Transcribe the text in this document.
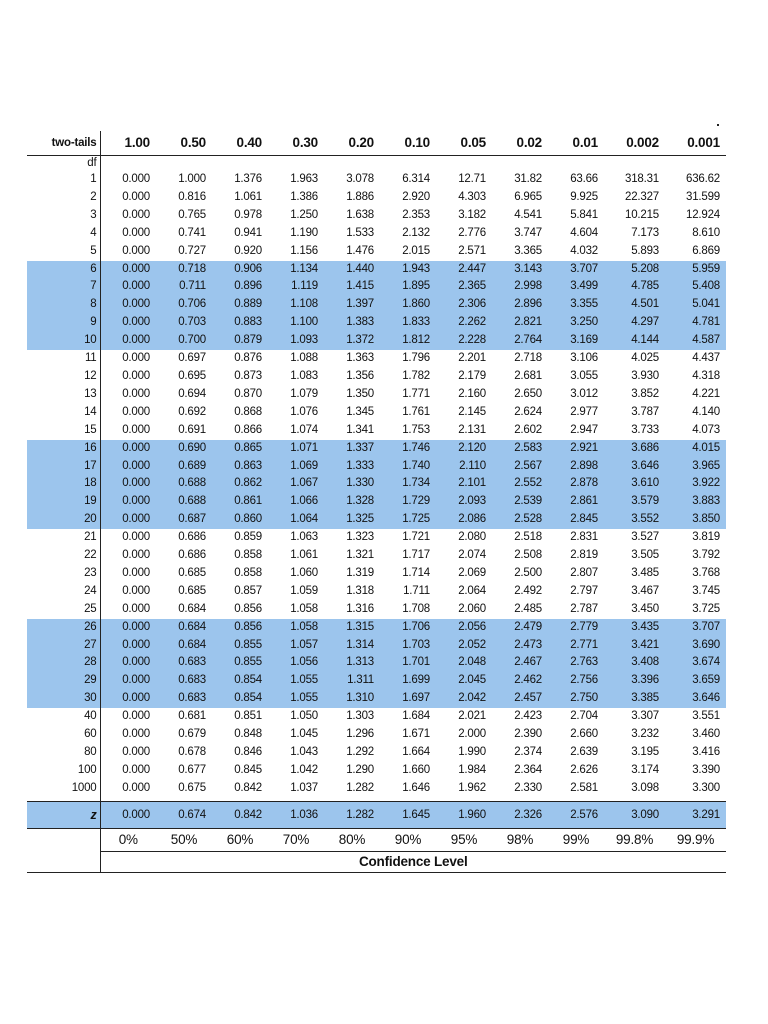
two-tails	1.00	0.50	0.40	0.30	0.20	0.10	0.05	0.02	0.01	0.002	0.001
df											
1	0.000	1.000	1.376	1.963	3.078	6.314	12.71	31.82	63.66	318.31	636.62
2	0.000	0.816	1.061	1.386	1.886	2.920	4.303	6.965	9.925	22.327	31.599
3	0.000	0.765	0.978	1.250	1.638	2.353	3.182	4.541	5.841	10.215	12.924
4	0.000	0.741	0.941	1.190	1.533	2.132	2.776	3.747	4.604	7.173	8.610
5	0.000	0.727	0.920	1.156	1.476	2.015	2.571	3.365	4.032	5.893	6.869
6	0.000	0.718	0.906	1.134	1.440	1.943	2.447	3.143	3.707	5.208	5.959
7	0.000	0.711	0.896	1.119	1.415	1.895	2.365	2.998	3.499	4.785	5.408
8	0.000	0.706	0.889	1.108	1.397	1.860	2.306	2.896	3.355	4.501	5.041
9	0.000	0.703	0.883	1.100	1.383	1.833	2.262	2.821	3.250	4.297	4.781
10	0.000	0.700	0.879	1.093	1.372	1.812	2.228	2.764	3.169	4.144	4.587
11	0.000	0.697	0.876	1.088	1.363	1.796	2.201	2.718	3.106	4.025	4.437
12	0.000	0.695	0.873	1.083	1.356	1.782	2.179	2.681	3.055	3.930	4.318
13	0.000	0.694	0.870	1.079	1.350	1.771	2.160	2.650	3.012	3.852	4.221
14	0.000	0.692	0.868	1.076	1.345	1.761	2.145	2.624	2.977	3.787	4.140
15	0.000	0.691	0.866	1.074	1.341	1.753	2.131	2.602	2.947	3.733	4.073
16	0.000	0.690	0.865	1.071	1.337	1.746	2.120	2.583	2.921	3.686	4.015
17	0.000	0.689	0.863	1.069	1.333	1.740	2.110	2.567	2.898	3.646	3.965
18	0.000	0.688	0.862	1.067	1.330	1.734	2.101	2.552	2.878	3.610	3.922
19	0.000	0.688	0.861	1.066	1.328	1.729	2.093	2.539	2.861	3.579	3.883
20	0.000	0.687	0.860	1.064	1.325	1.725	2.086	2.528	2.845	3.552	3.850
21	0.000	0.686	0.859	1.063	1.323	1.721	2.080	2.518	2.831	3.527	3.819
22	0.000	0.686	0.858	1.061	1.321	1.717	2.074	2.508	2.819	3.505	3.792
23	0.000	0.685	0.858	1.060	1.319	1.714	2.069	2.500	2.807	3.485	3.768
24	0.000	0.685	0.857	1.059	1.318	1.711	2.064	2.492	2.797	3.467	3.745
25	0.000	0.684	0.856	1.058	1.316	1.708	2.060	2.485	2.787	3.450	3.725
26	0.000	0.684	0.856	1.058	1.315	1.706	2.056	2.479	2.779	3.435	3.707
27	0.000	0.684	0.855	1.057	1.314	1.703	2.052	2.473	2.771	3.421	3.690
28	0.000	0.683	0.855	1.056	1.313	1.701	2.048	2.467	2.763	3.408	3.674
29	0.000	0.683	0.854	1.055	1.311	1.699	2.045	2.462	2.756	3.396	3.659
30	0.000	0.683	0.854	1.055	1.310	1.697	2.042	2.457	2.750	3.385	3.646
40	0.000	0.681	0.851	1.050	1.303	1.684	2.021	2.423	2.704	3.307	3.551
60	0.000	0.679	0.848	1.045	1.296	1.671	2.000	2.390	2.660	3.232	3.460
80	0.000	0.678	0.846	1.043	1.292	1.664	1.990	2.374	2.639	3.195	3.416
100	0.000	0.677	0.845	1.042	1.290	1.660	1.984	2.364	2.626	3.174	3.390
1000	0.000	0.675	0.842	1.037	1.282	1.646	1.962	2.330	2.581	3.098	3.300

z	0.000	0.674	0.842	1.036	1.282	1.645	1.960	2.326	2.576	3.090	3.291
	0%	50%	60%	70%	80%	90%	95%	98%	99%	99.8%	99.9%
	Confidence Level										
